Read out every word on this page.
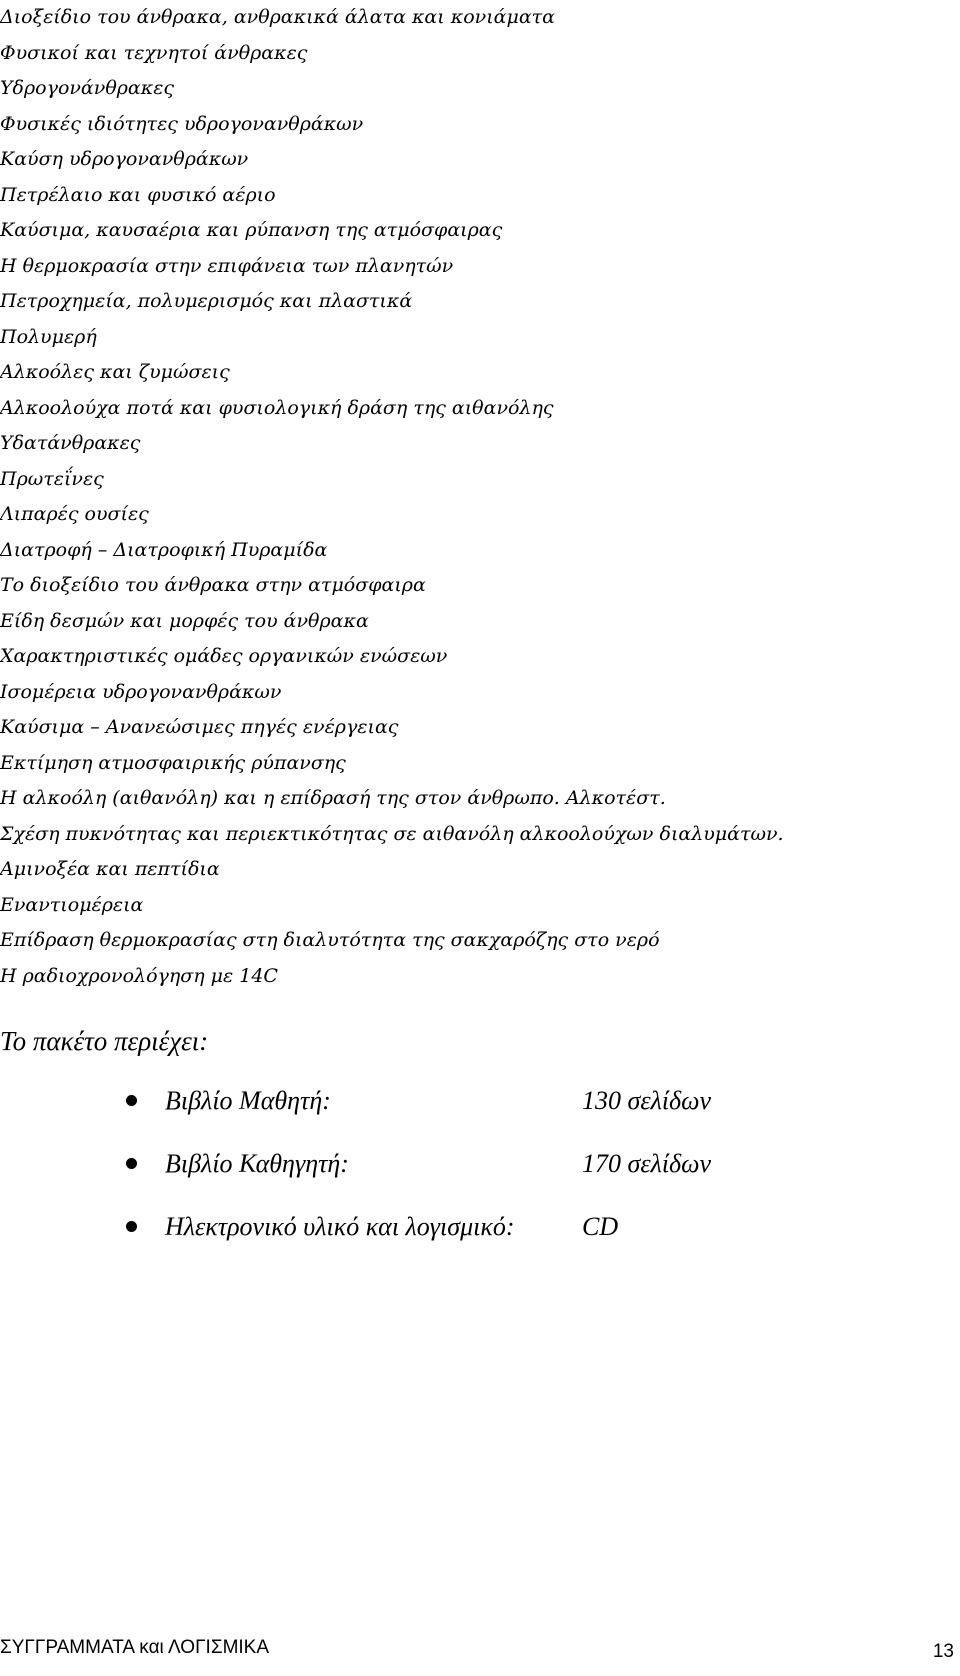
Διοξείδιο του άνθρακα, ανθρακικά άλατα και κονιάματα
Φυσικοί και τεχνητοί άνθρακες
Υδρογονάνθρακες
Φυσικές ιδιότητες υδρογονανθράκων
Καύση υδρογονανθράκων
Πετρέλαιο και φυσικό αέριο
Καύσιμα, καυσαέρια και ρύπανση της ατμόσφαιρας
Η θερμοκρασία στην επιφάνεια των πλανητών
Πετροχημεία, πολυμερισμός και πλαστικά
Πολυμερή
Αλκοόλες και ζυμώσεις
Αλκοολούχα ποτά και φυσιολογική δράση της αιθανόλης
Υδατάνθρακες
Πρωτεΐνες
Λιπαρές ουσίες
Διατροφή – Διατροφική Πυραμίδα
Το διοξείδιο του άνθρακα στην ατμόσφαιρα
Είδη δεσμών και μορφές του άνθρακα
Χαρακτηριστικές ομάδες οργανικών ενώσεων
Ισομέρεια υδρογονανθράκων
Καύσιμα – Ανανεώσιμες πηγές ενέργειας
Εκτίμηση ατμοσφαιρικής ρύπανσης
Η αλκοόλη (αιθανόλη) και η επίδρασή της στον άνθρωπο. Αλκοτέστ.
Σχέση πυκνότητας και περιεκτικότητας σε αιθανόλη αλκοολούχων διαλυμάτων.
Αμινοξέα και πεπτίδια
Εναντιομέρεια
Επίδραση θερμοκρασίας στη διαλυτότητα της σακχαρόζης στο νερό
Η ραδιοχρονολόγηση με 14C
Το πακέτο περιέχει:
Βιβλίο Μαθητή:	130 σελίδων
Βιβλίο Καθηγητή:	170 σελίδων
Ηλεκτρονικό υλικό και λογισμικό:	CD
ΣΥΓΓΡΑΜΜΑΤΑ και ΛΟΓΙΣΜΙΚΑ	13
